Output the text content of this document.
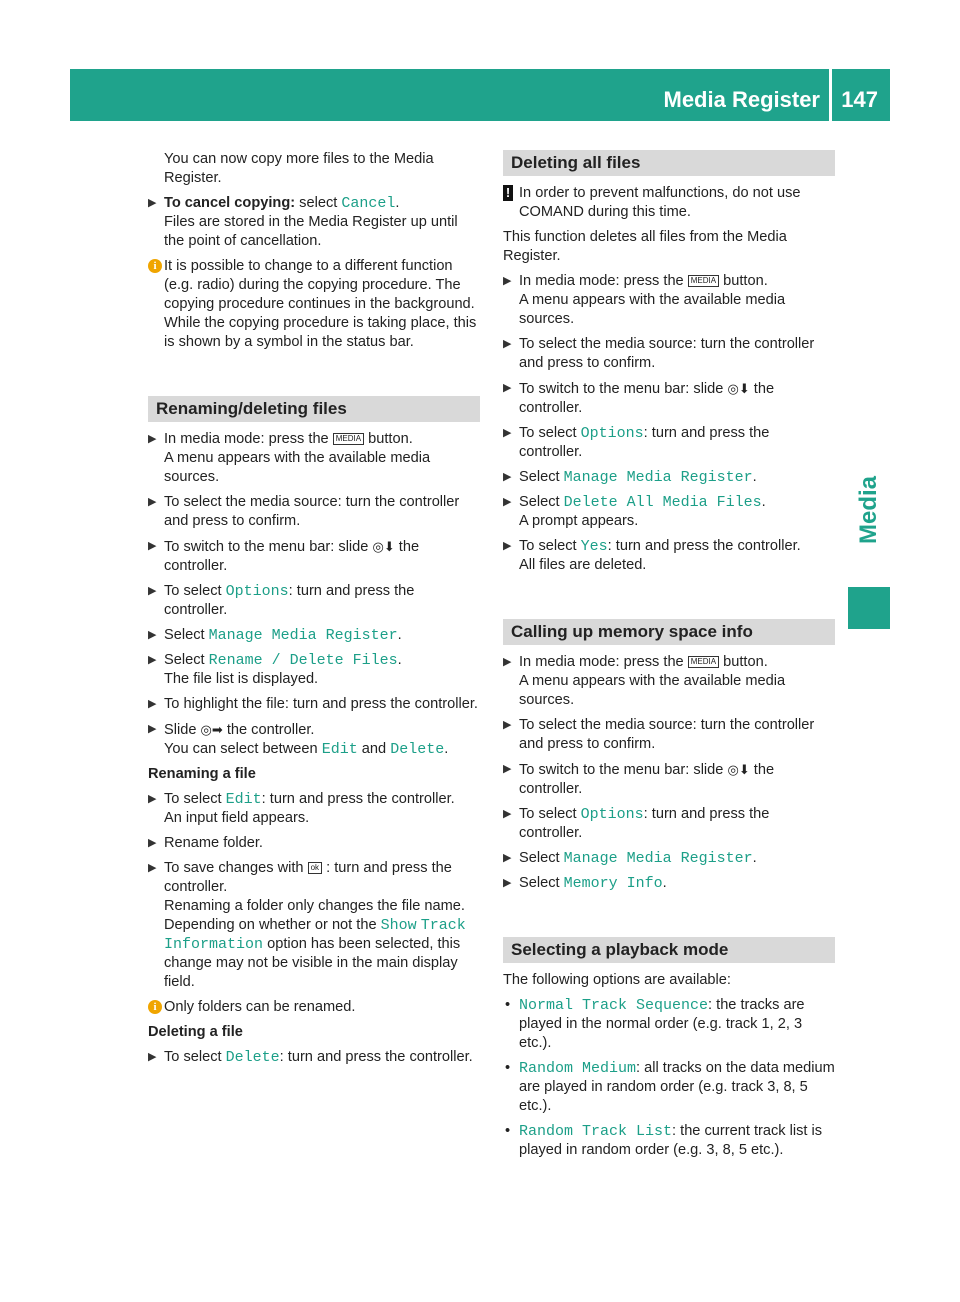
Media Register 147
Media

You can now copy more files to the Media Register.

▶ To cancel copying: select Cancel.
Files are stored in the Media Register up until the point of cancellation.
i It is possible to change to a different function (e.g. radio) during the copying procedure. The copying procedure continues in the background. While the copying procedure is taking place, this is shown by a symbol in the status bar.
Renaming/deleting files
▶ In media mode: press the MEDIA button.
A menu appears with the available media sources.
▶ To select the media source: turn the controller and press to confirm.
▶ To switch to the menu bar: slide ◎⬇ the controller.
▶ To select Options: turn and press the controller.
▶ Select Manage Media Register.
▶ Select Rename / Delete Files.
The file list is displayed.
▶ To highlight the file: turn and press the controller.
▶ Slide ◎➡ the controller.
You can select between Edit and Delete.

Renaming a file

▶ To select Edit: turn and press the controller.
An input field appears.
▶ Rename folder.
▶ To save changes with ok : turn and press the controller.
Renaming a folder only changes the file name. Depending on whether or not the Show Track Information option has been selected, this change may not be visible in the main display field.
i Only folders can be renamed.

Deleting a file

▶ To select Delete: turn and press the controller.
Deleting all files
! In order to prevent malfunctions, do not use COMAND during this time.

This function deletes all files from the Media Register.

▶ In media mode: press the MEDIA button.
A menu appears with the available media sources.
▶ To select the media source: turn the controller and press to confirm.
▶ To switch to the menu bar: slide ◎⬇ the controller.
▶ To select Options: turn and press the controller.
▶ Select Manage Media Register.
▶ Select Delete All Media Files.
A prompt appears.
▶ To select Yes: turn and press the controller.
All files are deleted.
Calling up memory space info
▶ In media mode: press the MEDIA button.
A menu appears with the available media sources.
▶ To select the media source: turn the controller and press to confirm.
▶ To switch to the menu bar: slide ◎⬇ the controller.
▶ To select Options: turn and press the controller.
▶ Select Manage Media Register.
▶ Select Memory Info.
Selecting a playback mode

The following options are available:

• Normal Track Sequence: the tracks are played in the normal order (e.g. track 1, 2, 3 etc.).
• Random Medium: all tracks on the data medium are played in random order (e.g. track 3, 8, 5 etc.).
• Random Track List: the current track list is played in random order (e.g. 3, 8, 5 etc.).
